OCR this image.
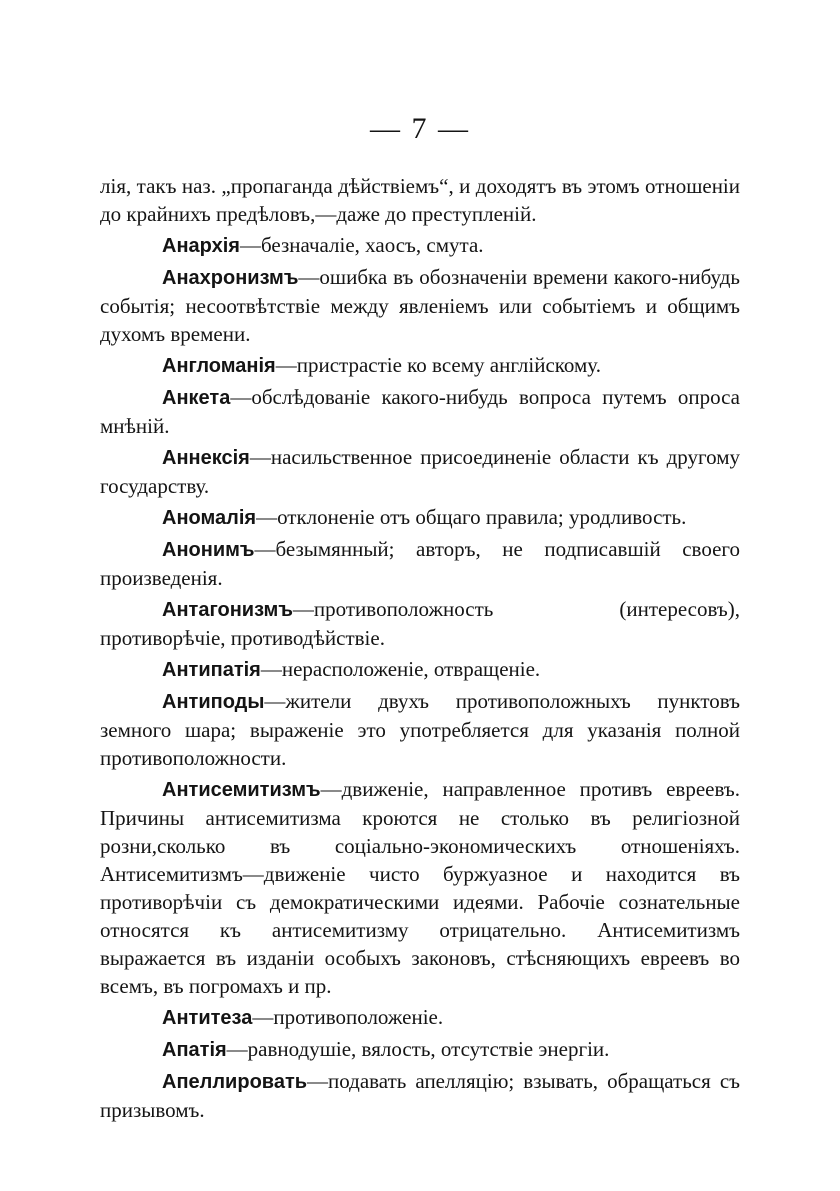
— 7 —

лія, такъ наз. „пропаганда дѣйствіемъ“, и доходятъ въ этомъ отношеніи до крайнихъ предѣловъ,—даже до преступленій.

Анархія—безначаліе, хаосъ, смута.

Анахронизмъ—ошибка въ обозначеніи времени какого-нибудь событія; несоотвѣтствіе между явленіемъ или событіемъ и общимъ духомъ времени.

Англоманія—пристрастіе ко всему англійскому.

Анкета—обслѣдованіе какого-нибудь вопроса путемъ опроса мнѣній.

Аннексія—насильственное присоединеніе области къ другому государству.

Аномалія—отклоненіе отъ общаго правила; уродливость.

Анонимъ—безымянный; авторъ, не подписавшій своего произведенія.

Антагонизмъ—противоположность (интересовъ), противорѣчіе, противодѣйствіе.

Антипатія—нерасположеніе, отвращеніе.

Антиподы—жители двухъ противоположныхъ пунктовъ земного шара; выраженіе это употребляется для указанія полной противоположности.

Антисемитизмъ—движеніе, направленное противъ евреевъ. Причины антисемитизма кроются не столько въ религіозной розни,сколько въ соціально-экономическихъ отношеніяхъ. Антисемитизмъ—движеніе чисто буржуазное и находится въ противорѣчіи съ демократическими идеями. Рабочіе сознательные относятся къ антисемитизму отрицательно. Антисемитизмъ выражается въ изданіи особыхъ законовъ, стѣсняющихъ евреевъ во всемъ, въ погромахъ и пр.

Антитеза—противоположеніе.

Апатія—равнодушіе, вялость, отсутствіе энергіи.

Апеллировать—подавать апелляцію; взывать, обращаться съ призывомъ.
